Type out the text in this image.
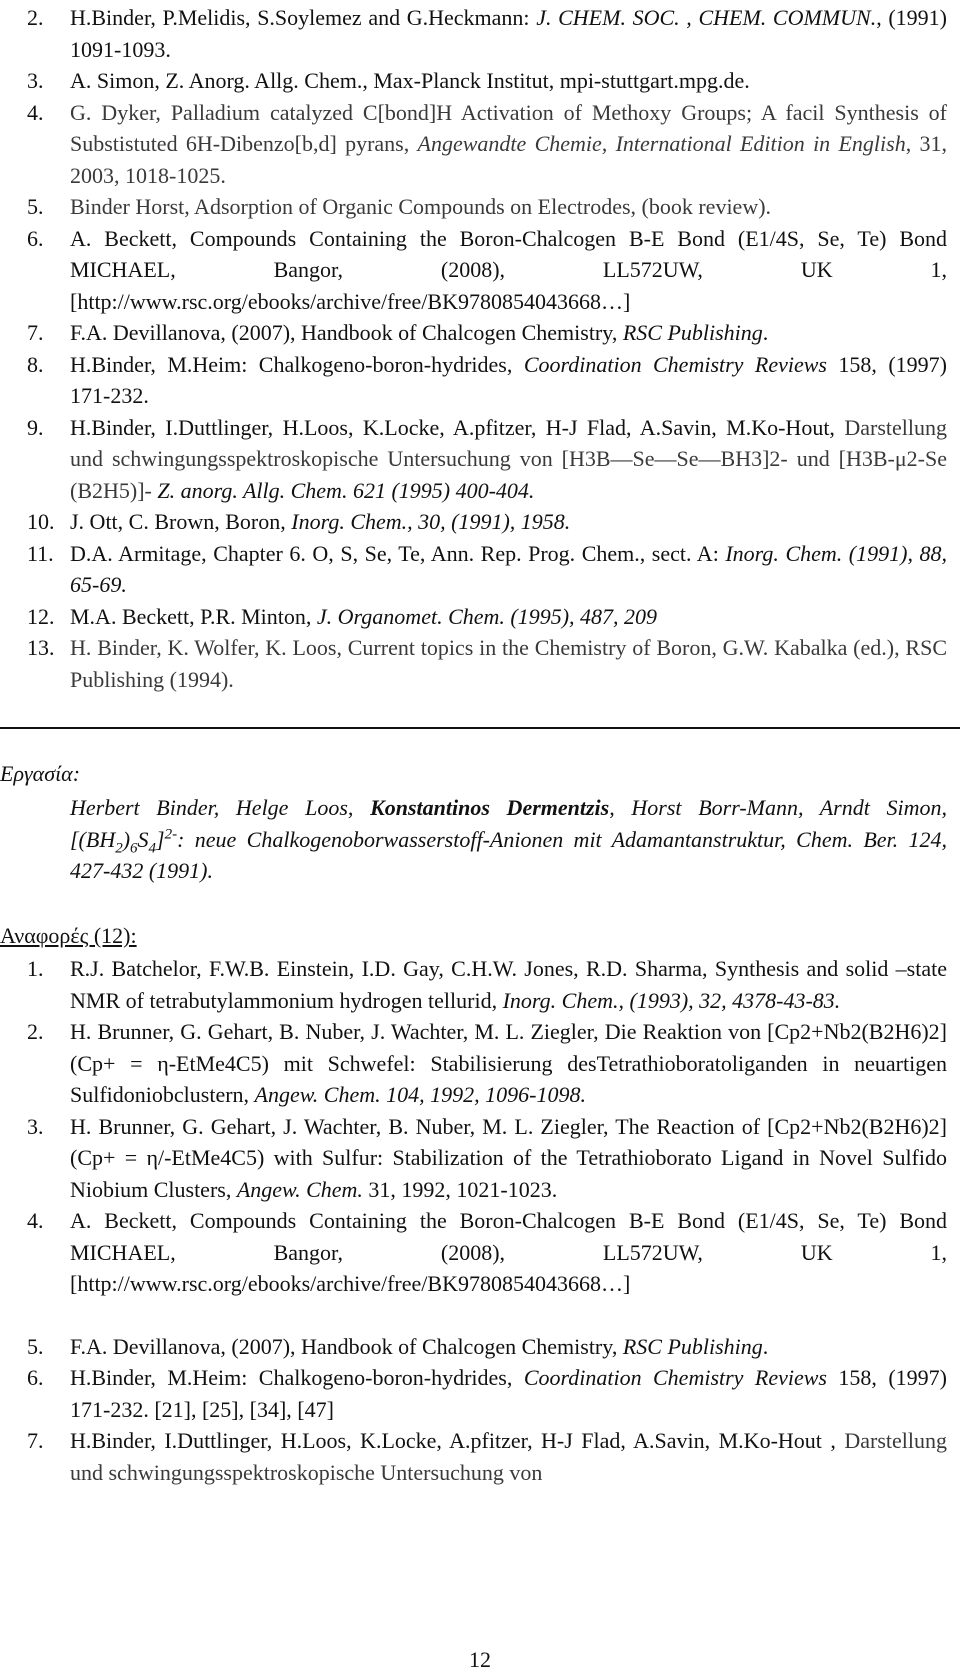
2. H.Binder, P.Melidis, S.Soylemez and G.Heckmann: J. CHEM. SOC. , CHEM. COMMUN., (1991) 1091-1093.
3. A. Simon, Z. Anorg. Allg. Chem., Max-Planck Institut, mpi-stuttgart.mpg.de.
4. G. Dyker, Palladium catalyzed C[bond]H Activation of Methoxy Groups; A facil Synthesis of Substistuted 6H-Dibenzo[b,d] pyrans, Angewandte Chemie, International Edition in English, 31, 2003, 1018-1025.
5. Binder Horst, Adsorption of Organic Compounds on Electrodes, (book review).
6. A. Beckett, Compounds Containing the Boron-Chalcogen B-E Bond (E1/4S, Se, Te) Bond MICHAEL, Bangor, (2008), LL572UW, UK 1, [http://www.rsc.org/ebooks/archive/free/BK9780854043668…]
7. F.A. Devillanova, (2007), Handbook of Chalcogen Chemistry, RSC Publishing.
8. H.Binder, M.Heim: Chalkogeno-boron-hydrides, Coordination Chemistry Reviews 158, (1997) 171-232.
9. H.Binder, I.Duttlinger, H.Loos, K.Locke, A.pfitzer, H-J Flad, A.Savin, M.Ko-Hout, Darstellung und schwingungsspektroskopische Untersuchung von [H3B—Se—Se—BH3]2- und [H3B-μ2-Se (B2H5)]- Z. anorg. Allg. Chem. 621 (1995) 400-404.
10. J. Ott, C. Brown, Boron, Inorg. Chem., 30, (1991), 1958.
11. D.A. Armitage, Chapter 6. O, S, Se, Te, Ann. Rep. Prog. Chem., sect. A: Inorg. Chem. (1991), 88, 65-69.
12. M.A. Beckett, P.R. Minton, J. Organomet. Chem. (1995), 487, 209
13. H. Binder, K. Wolfer, K. Loos, Current topics in the Chemistry of Boron, G.W. Kabalka (ed.), RSC Publishing (1994).
Εργασία:
Herbert Binder, Helge Loos, Konstantinos Dermentzis, Horst Borr-Mann, Arndt Simon, $[(BH_2)_6S_4]^{2-}$: neue Chalkogenoborwasserstoff-Anionen mit Adamantanstruktur, Chem. Ber. 124, 427-432 (1991).
Αναφορές (12):
1. R.J. Batchelor, F.W.B. Einstein, I.D. Gay, C.H.W. Jones, R.D. Sharma, Synthesis and solid –state NMR of tetrabutylammonium hydrogen tellurid, Inorg. Chem., (1993), 32, 4378-43-83.
2. H. Brunner, G. Gehart, B. Nuber, J. Wachter, M. L. Ziegler, Die Reaktion von [Cp2+Nb2(B2H6)2] (Cp+ = η-EtMe4C5) mit Schwefel: Stabilisierung desTetrathioboratoliganden in neuartigen Sulfidoniobclustern, Angew. Chem. 104, 1992, 1096-1098.
3. H. Brunner, G. Gehart, J. Wachter, B. Nuber, M. L. Ziegler, The Reaction of [Cp2+Nb2(B2H6)2] (Cp+ = η/-EtMe4C5) with Sulfur: Stabilization of the Tetrathioborato Ligand in Novel Sulfido Niobium Clusters, Angew. Chem. 31, 1992, 1021-1023.
4. A. Beckett, Compounds Containing the Boron-Chalcogen B-E Bond (E1/4S, Se, Te) Bond MICHAEL, Bangor, (2008), LL572UW, UK 1, [http://www.rsc.org/ebooks/archive/free/BK9780854043668…]
5. F.A. Devillanova, (2007), Handbook of Chalcogen Chemistry, RSC Publishing.
6. H.Binder, M.Heim: Chalkogeno-boron-hydrides, Coordination Chemistry Reviews 158, (1997) 171-232. [21], [25], [34], [47]
7. H.Binder, I.Duttlinger, H.Loos, K.Locke, A.pfitzer, H-J Flad, A.Savin, M.Ko-Hout , Darstellung und schwingungsspektroskopische Untersuchung von
12
